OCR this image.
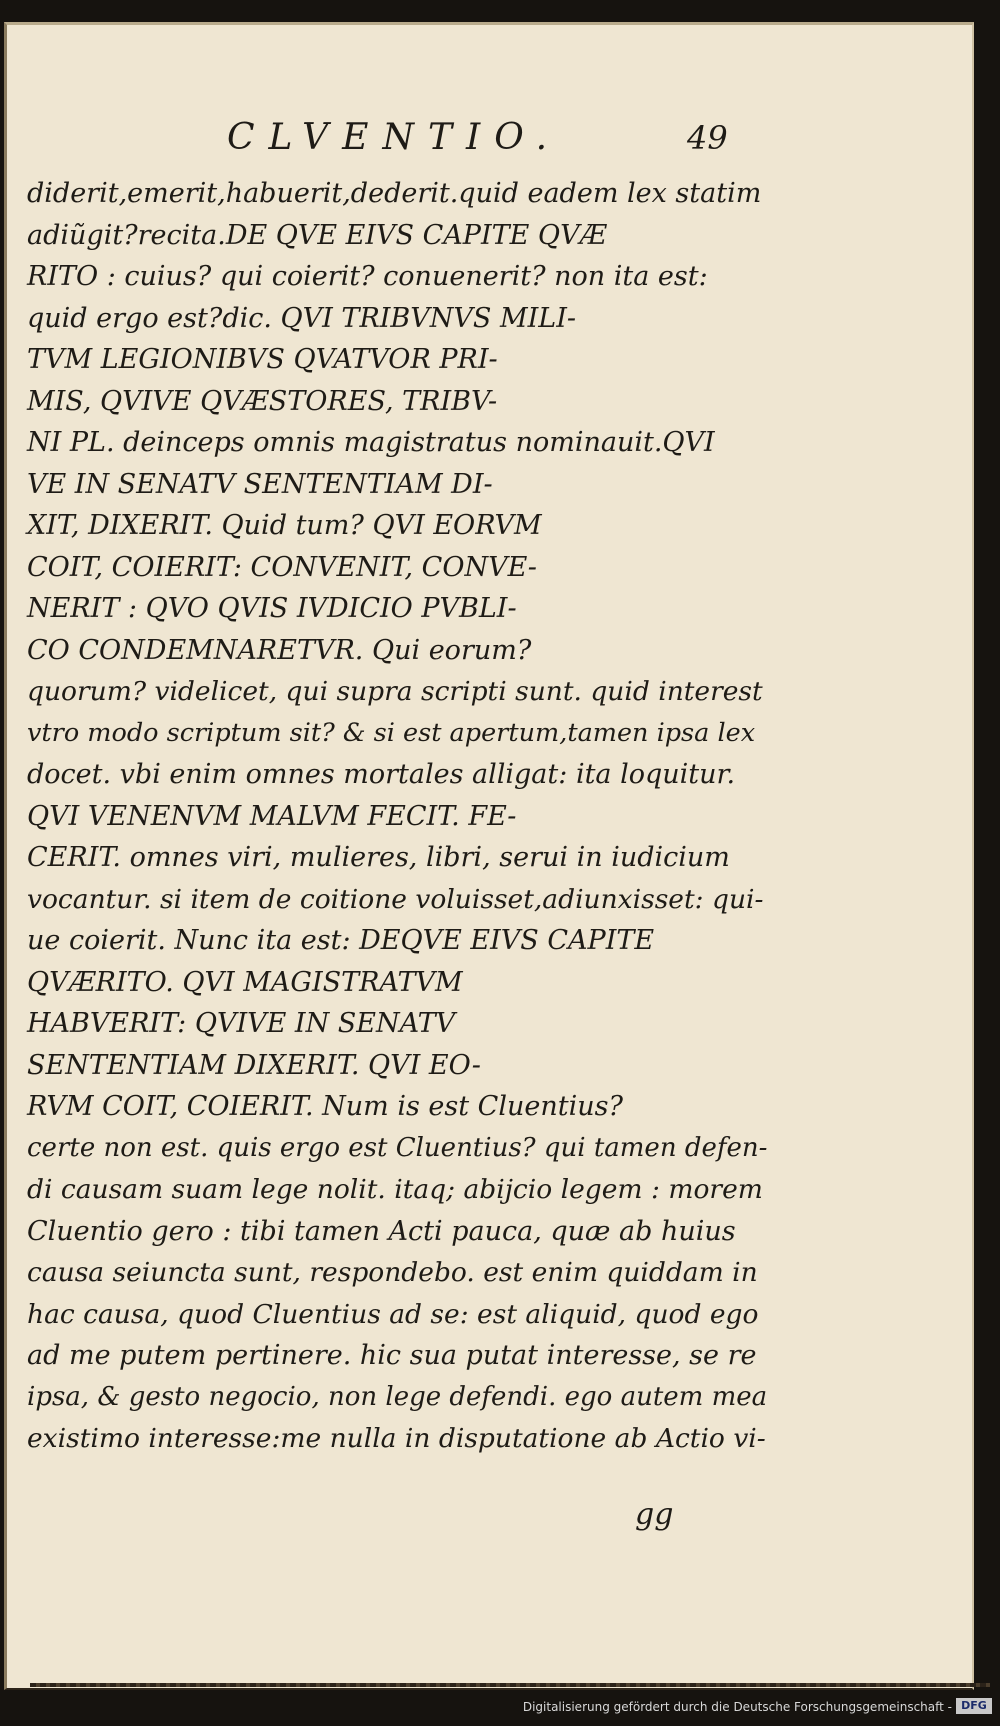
CLVENTIO.	49
diderit,emerit,habuerit,dederit.quid eadem lex statim
adiũgit?recita.DE QVE EIVS CAPITE QVÆ
RITO : cuius? qui coierit? conuenerit? non ita est:
quid ergo est?dic. QVI TRIBVNVS MILI-
TVM LEGIONIBVS QVATVOR PRI-
MIS, QVIVE QVÆSTORES, TRIBV-
NI PL. deinceps omnis magistratus nominauit.QVI
VE IN SENATV SENTENTIAM DI-
XIT, DIXERIT. Quid tum? QVI EORVM
COIT, COIERIT: CONVENIT, CONVE-
NERIT : QVO QVIS IVDICIO PVBLI-
CO CONDEMNARETVR. Qui eorum?
quorum? videlicet, qui supra scripti sunt. quid interest
vtro modo scriptum sit? & si est apertum,tamen ipsa lex
docet. vbi enim omnes mortales alligat: ita loquitur.
QVI VENENVM MALVM FECIT. FE-
CERIT. omnes viri, mulieres, libri, serui in iudicium
vocantur. si item de coitione voluisset,adiunxisset: qui-
ue coierit. Nunc ita est: DEQVE EIVS CAPITE
QVÆRITO. QVI MAGISTRATVM
HABVERIT: QVIVE IN SENATV
SENTENTIAM DIXERIT. QVI EO-
RVM COIT, COIERIT. Num is est Cluentius?
certe non est. quis ergo est Cluentius? qui tamen defen-
di causam suam lege nolit. itaq; abijcio legem : morem
Cluentio gero : tibi tamen Acti pauca, quæ ab huius
causa seiuncta sunt, respondebo. est enim quiddam in
hac causa, quod Cluentius ad se: est aliquid, quod ego
ad me putem pertinere. hic sua putat interesse, se re
ipsa, & gesto negocio, non lege defendi. ego autem mea
existimo interesse:me nulla in disputatione ab Actio vi-
gg
Digitalisierung gefördert durch die Deutsche Forschungsgemeinschaft - DFG
